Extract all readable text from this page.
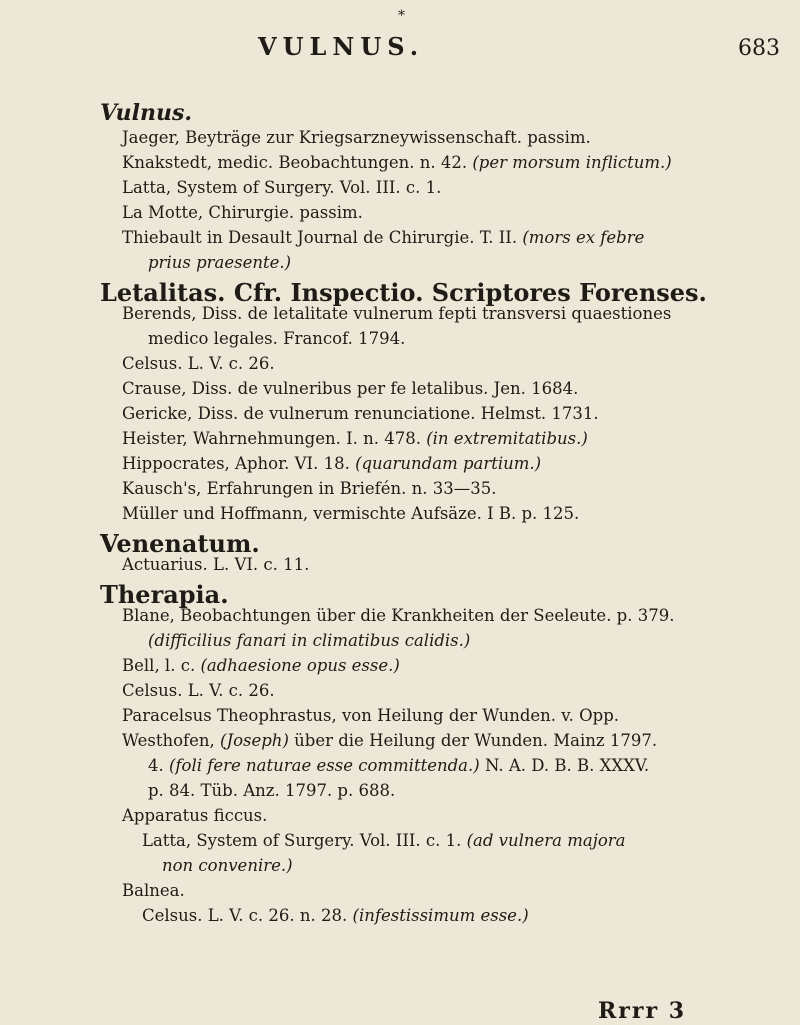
*
VULNUS.	683
Vulnus.
Jaeger, Beyträge zur Kriegsarzneywissenschaft. passim.
Knakstedt, medic. Beobachtungen. n. 42. (per morsum inflictum.)
Latta, System of Surgery. Vol. III. c. 1.
La Motte, Chirurgie. passim.
Thiebault in Desault Journal de Chirurgie. T. II. (mors ex febre
prius praesente.)
Letalitas. Cfr. Inspectio. Scriptores Forenses.
Berends, Diss. de letalitate vulnerum fepti transversi quaestiones
medico legales. Francof. 1794.
Celsus. L. V. c. 26.
Crause, Diss. de vulneribus per fe letalibus. Jen. 1684.
Gericke, Diss. de vulnerum renunciatione. Helmst. 1731.
Heister, Wahrnehmungen. I. n. 478. (in extremitatibus.)
Hippocrates, Aphor. VI. 18. (quarundam partium.)
Kausch's, Erfahrungen in Briefén. n. 33—35.
Müller und Hoffmann, vermischte Aufsäze. I B. p. 125.
Venenatum.
Actuarius. L. VI. c. 11.
Therapia.
Blane, Beobachtungen über die Krankheiten der Seeleute. p. 379.
(difficilius fanari in climatibus calidis.)
Bell, l. c. (adhaesione opus esse.)
Celsus. L. V. c. 26.
Paracelsus Theophrastus, von Heilung der Wunden. v. Opp.
Westhofen, (Joseph) über die Heilung der Wunden. Mainz 1797.
4. (foli fere naturae esse committenda.) N. A. D. B. B. XXXV.
p. 84. Tüb. Anz. 1797. p. 688.
Apparatus ficcus.
Latta, System of Surgery. Vol. III. c. 1. (ad vulnera majora
non convenire.)
Balnea.
Celsus. L. V. c. 26. n. 28. (infestissimum esse.)
Rrrr 3
